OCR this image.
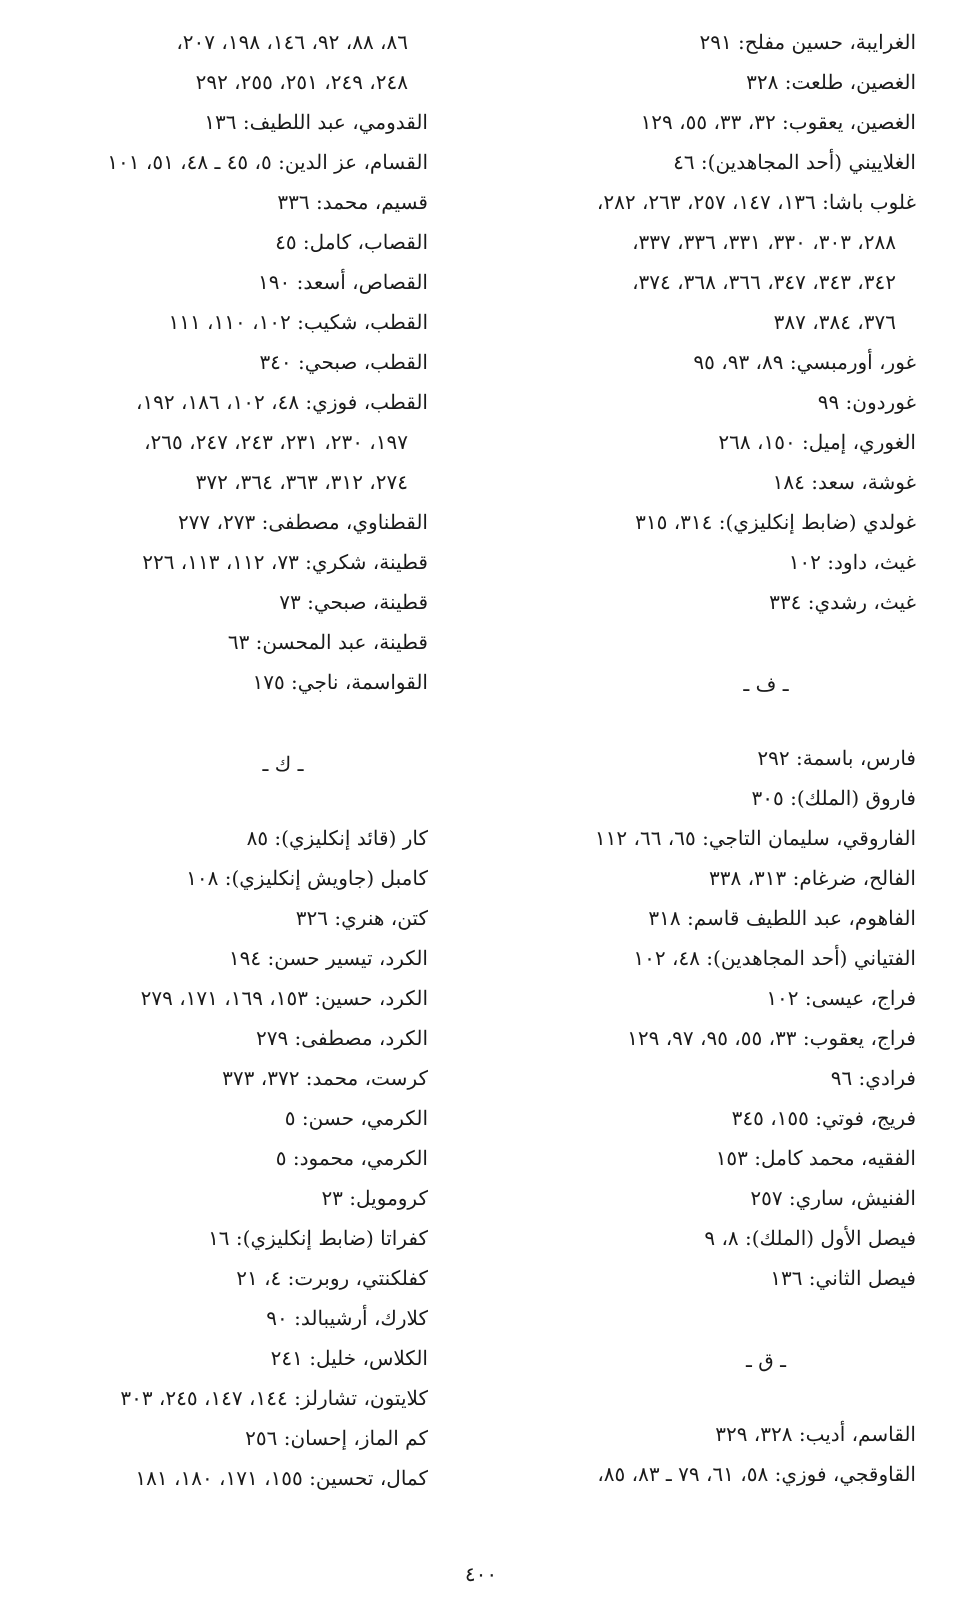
الغرايبة، حسين مفلح: ٢٩١
الغصين، طلعت: ٣٢٨
الغصين، يعقوب: ٣٢، ٣٣، ٥٥، ١٢٩
الغلاييني (أحد المجاهدين): ٤٦
غلوب باشا: ١٣٦، ١٤٧، ٢٥٧، ٢٦٣، ٢٨٢،
٢٨٨، ٣٠٣، ٣٣٠، ٣٣١، ٣٣٦، ٣٣٧،
٣٤٢، ٣٤٣، ٣٤٧، ٣٦٦، ٣٦٨، ٣٧٤،
٣٧٦، ٣٨٤، ٣٨٧
غور، أورمبسي: ٨٩، ٩٣، ٩٥
غوردون: ٩٩
الغوري، إميل: ١٥٠، ٢٦٨
غوشة، سعد: ١٨٤
غولدي (ضابط إنكليزي): ٣١٤، ٣١٥
غيث، داود: ١٠٢
غيث، رشدي: ٣٣٤
ـ ف ـ
فارس، باسمة: ٢٩٢
فاروق (الملك): ٣٠٥
الفاروقي، سليمان التاجي: ٦٥، ٦٦، ١١٢
الفالح، ضرغام: ٣١٣، ٣٣٨
الفاهوم، عبد اللطيف قاسم: ٣١٨
الفتياني (أحد المجاهدين): ٤٨، ١٠٢
فراج، عيسى: ١٠٢
فراج، يعقوب: ٣٣، ٥٥، ٩٥، ٩٧، ١٢٩
فرادي: ٩٦
فريج، فوتي: ١٥٥، ٣٤٥
الفقيه، محمد كامل: ١٥٣
الفنيش، ساري: ٢٥٧
فيصل الأول (الملك): ٨، ٩
فيصل الثاني: ١٣٦
ـ ق ـ
القاسم، أديب: ٣٢٨، ٣٢٩
القاوقجي، فوزي: ٥٨، ٦١، ٧٩ ـ ٨٣، ٨٥،
٨٦، ٨٨، ٩٢، ١٤٦، ١٩٨، ٢٠٧،
٢٤٨، ٢٤٩، ٢٥١، ٢٥٥، ٢٩٢
القدومي، عبد اللطيف: ١٣٦
القسام، عز الدين: ٥، ٤٥ ـ ٤٨، ٥١، ١٠١
قسيم، محمد: ٣٣٦
القصاب، كامل: ٤٥
القصاص، أسعد: ١٩٠
القطب، شكيب: ١٠٢، ١١٠، ١١١
القطب، صبحي: ٣٤٠
القطب، فوزي: ٤٨، ١٠٢، ١٨٦، ١٩٢،
١٩٧، ٢٣٠، ٢٣١، ٢٤٣، ٢٤٧، ٢٦٥،
٢٧٤، ٣١٢، ٣٦٣، ٣٦٤، ٣٧٢
القطناوي، مصطفى: ٢٧٣، ٢٧٧
قطينة، شكري: ٧٣، ١١٢، ١١٣، ٢٢٦
قطينة، صبحي: ٧٣
قطينة، عبد المحسن: ٦٣
القواسمة، ناجي: ١٧٥
ـ ك ـ
كار (قائد إنكليزي): ٨٥
كامبل (جاويش إنكليزي): ١٠٨
كتن، هنري: ٣٢٦
الكرد، تيسير حسن: ١٩٤
الكرد، حسين: ١٥٣، ١٦٩، ١٧١، ٢٧٩
الكرد، مصطفى: ٢٧٩
كرست، محمد: ٣٧٢، ٣٧٣
الكرمي، حسن: ٥
الكرمي، محمود: ٥
كرومويل: ٢٣
كفراتا (ضابط إنكليزي): ١٦
كفلكنتي، روبرت: ٤، ٢١
كلارك، أرشيبالد: ٩٠
الكلاس، خليل: ٢٤١
كلايتون، تشارلز: ١٤٤، ١٤٧، ٢٤٥، ٣٠٣
كم الماز، إحسان: ٢٥٦
كمال، تحسين: ١٥٥، ١٧١، ١٨٠، ١٨١
٤٠٠
